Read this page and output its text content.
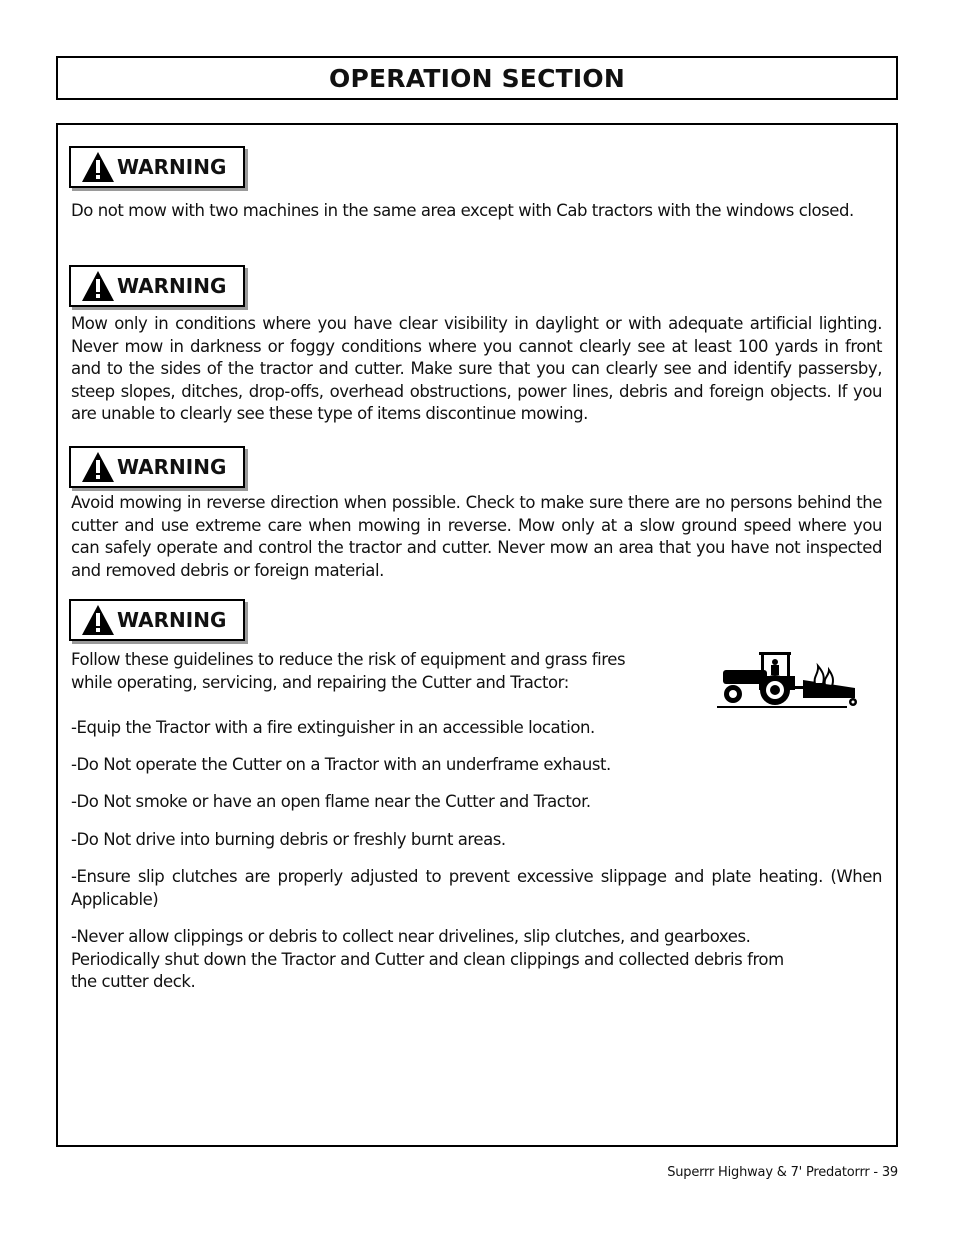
OPERATION SECTION
WARNING
Do not mow with two machines in the same area except with Cab tractors with the windows closed.
WARNING
Mow only in conditions where you have clear visibility in daylight or with adequate artificial lighting. Never mow in darkness or foggy conditions where you cannot clearly see at least 100 yards in front and to the sides of the tractor and cutter. Make sure that you can clearly see and identify passersby, steep slopes, ditches, drop-offs, overhead obstructions, power lines, debris and foreign objects. If you are unable to clearly see these type of items discontinue mowing.
WARNING
Avoid mowing in reverse direction when possible. Check to make sure there are no persons behind the cutter and use extreme care when mowing in reverse. Mow only at a slow ground speed where you can safely operate and control the tractor and cutter. Never mow an area that you have not inspected and removed debris or foreign material.
WARNING
Follow these guidelines to reduce the risk of equipment and grass fires
while operating, servicing, and repairing the Cutter and Tractor:
-Equip the Tractor with a fire extinguisher in an accessible location.
-Do Not operate the Cutter on a Tractor with an underframe exhaust.
-Do Not smoke or have an open flame near the Cutter and Tractor.
-Do Not drive into burning debris or freshly burnt areas.
-Ensure slip clutches are properly adjusted to prevent excessive slippage and plate heating. (When Applicable)
-Never allow clippings or debris to collect near drivelines, slip clutches, and gearboxes.
Periodically shut down the Tractor and Cutter and clean clippings and collected debris from
the cutter deck.
Superrr Highway & 7' Predatorrr - 39
